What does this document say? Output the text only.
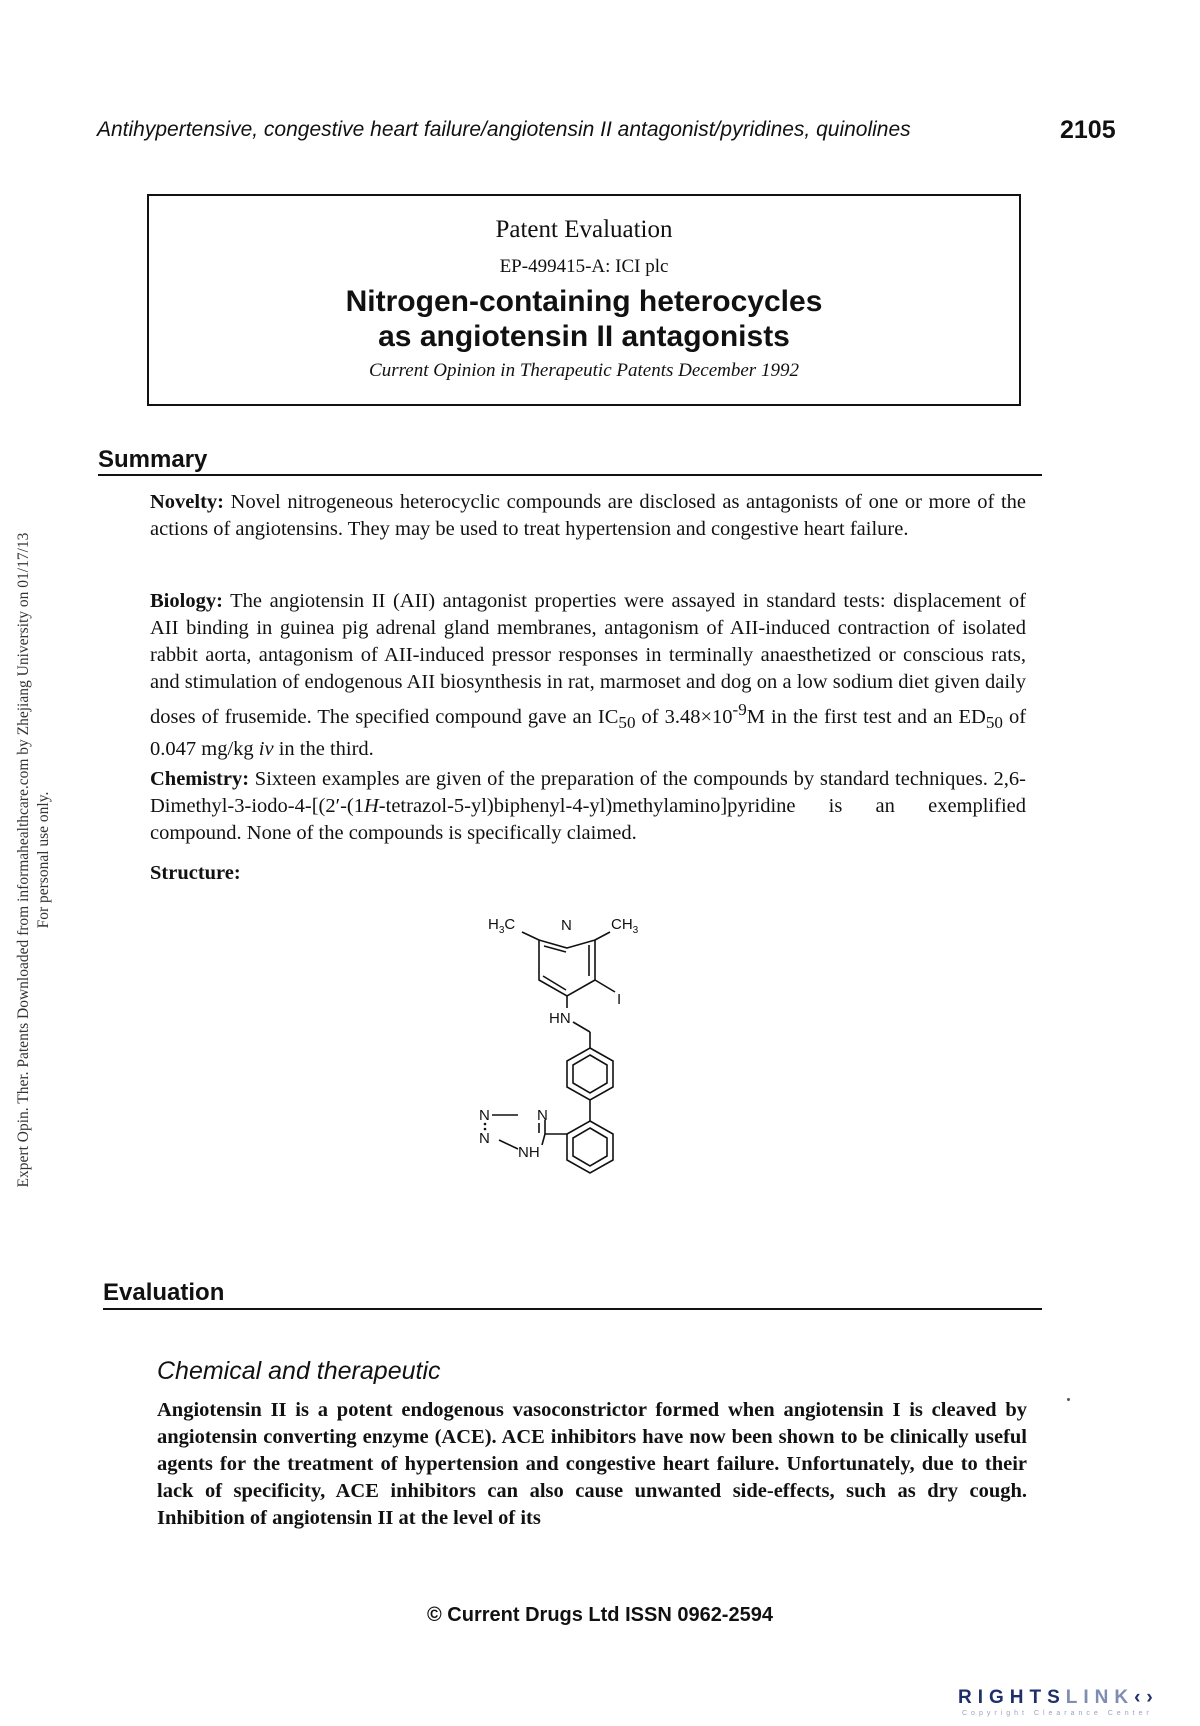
Antihypertensive, congestive heart failure/angiotensin II antagonist/pyridines, quinolines	2105
Patent Evaluation
EP-499415-A: ICI plc
Nitrogen-containing heterocycles
as angiotensin II antagonists
Current Opinion in Therapeutic Patents December 1992
Summary
Novelty: Novel nitrogeneous heterocyclic compounds are disclosed as antagonists of one or more of the actions of angiotensins. They may be used to treat hypertension and congestive heart failure.
Biology: The angiotensin II (AII) antagonist properties were assayed in standard tests: displacement of AII binding in guinea pig adrenal gland membranes, antagonism of AII-induced contraction of isolated rabbit aorta, antagonism of AII-induced pressor responses in terminally anaesthetized or conscious rats, and stimulation of endogenous AII biosynthesis in rat, marmoset and dog on a low sodium diet given daily doses of frusemide. The specified compound gave an $IC_{50}$ of $3.48\times 10^{-9}M$ in the first test and an $ED_{50}$ of 0.047 mg/kg iv in the third.
Chemistry: Sixteen examples are given of the preparation of the compounds by standard techniques. 2,6-Dimethyl-3-iodo-4-[(2′-(1H-tetrazol-5-yl)biphenyl-4-yl)methylamino]pyridine is an exemplified compound. None of the compounds is specifically claimed.
Structure:
$H_3C$	N	$CH_3$
I
HN
N	N
N
NH
Evaluation
Chemical and therapeutic
Angiotensin II is a potent endogenous vasoconstrictor formed when angiotensin I is cleaved by angiotensin converting enzyme (ACE). ACE inhibitors have now been shown to be clinically useful agents for the treatment of hypertension and congestive heart failure. Unfortunately, due to their lack of specificity, ACE inhibitors can also cause unwanted side-effects, such as dry cough. Inhibition of angiotensin II at the level of its
© Current Drugs Ltd ISSN 0962-2594
Expert Opin. Ther. Patents Downloaded from informahealthcare.com by Zhejiang University on 01/17/13 For personal use only.
RIGHTSLINK‹›
Copyright Clearance Center
